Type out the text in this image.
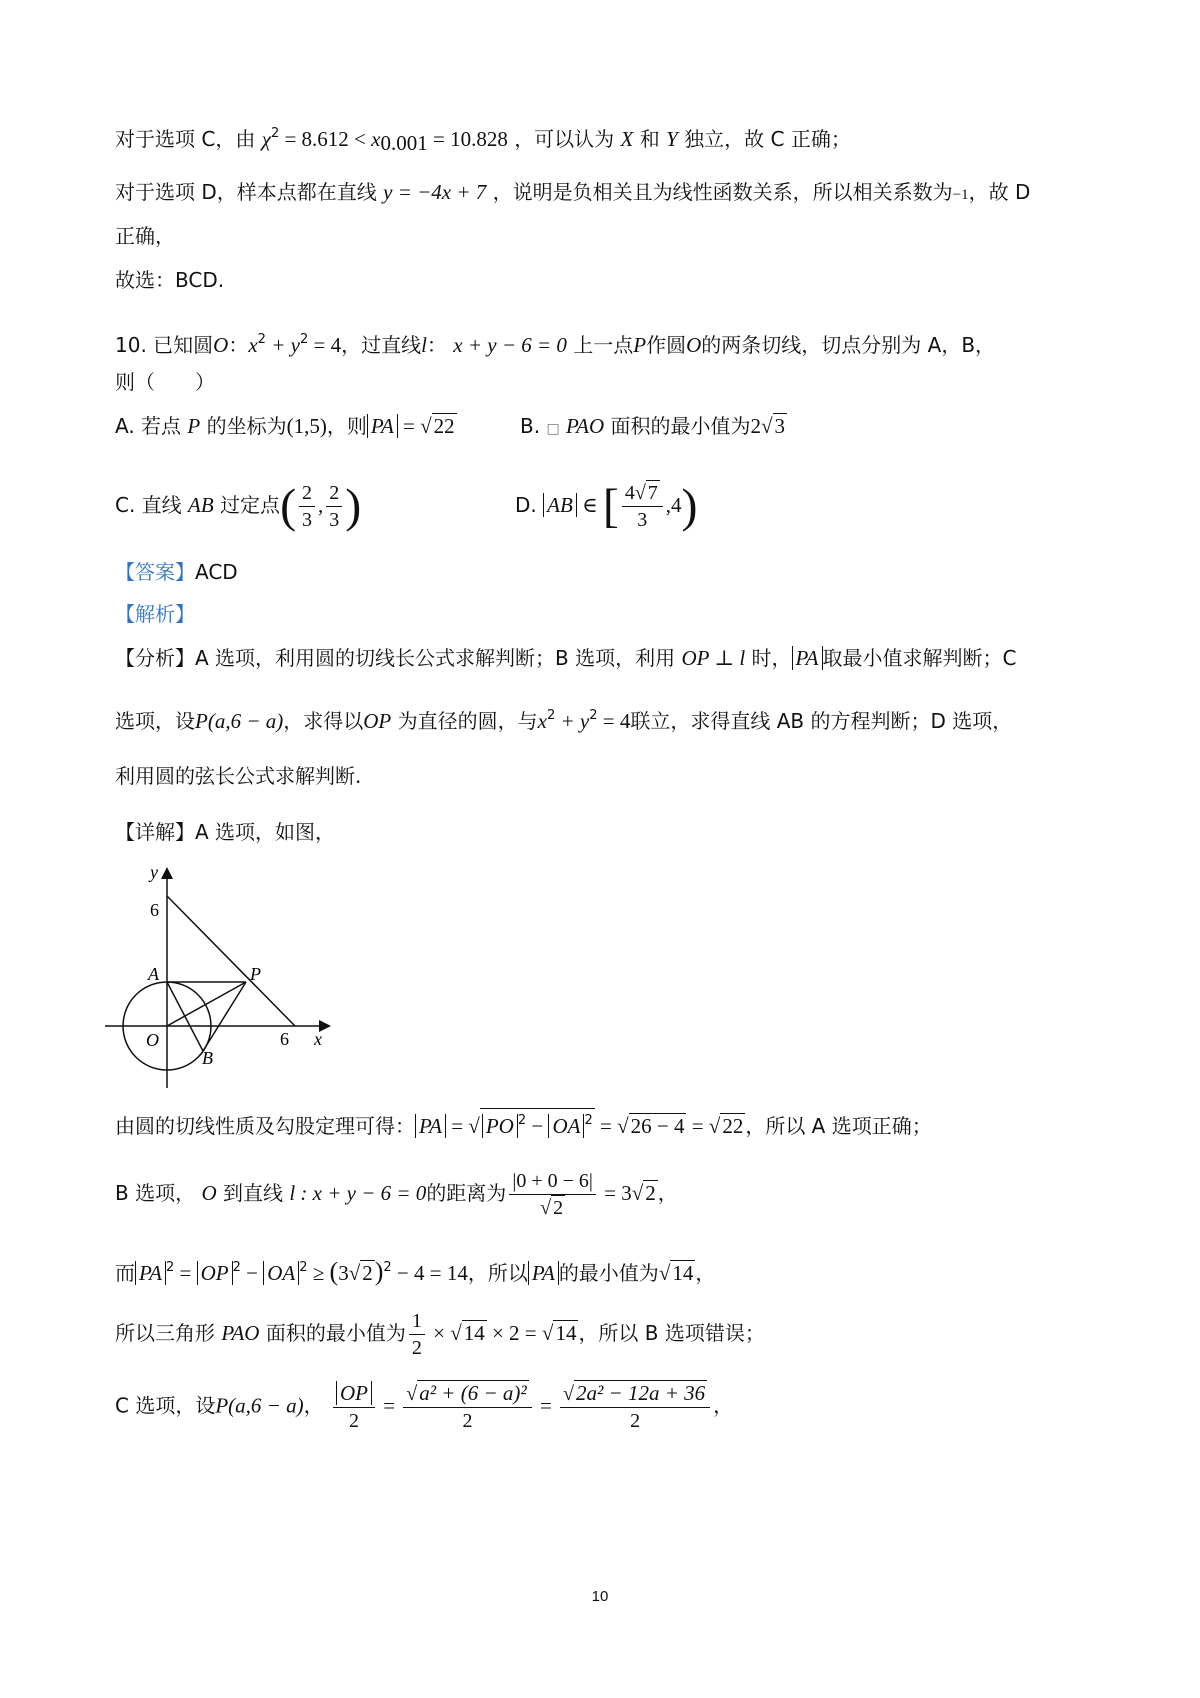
对于选项 C，由 $\chi^2 = 8.612 < x_{0.001} = 10.828$ ，可以认为 X 和 Y 独立，故 C 正确；
对于选项 D，样本点都在直线 y = −4x + 7 ，说明是负相关且为线性函数关系，所以相关系数为−1，故 D
正确，
故选：BCD.
10. 已知圆O：$x^2 + y^2 = 4$，过直线l： x + y − 6 = 0 上一点P作圆O的两条切线，切点分别为 A，B，
则（　　）
A. 若点 P 的坐标为(1,5)，则 PA = √22	B. □ PAO 面积的最小值为2√3
C. 直线 AB 过定点( $\frac{2}{3}$ , $\frac{2}{3}$ )	D. AB ∈ [ $\frac{4√ 7}{3} ,4$)
【答案】ACD
【解析】
【分析】A 选项，利用圆的切线长公式求解判断；B 选项，利用 OP ⊥ l 时， PA 取最小值求解判断；C
选项，设P(a,6 − a)，求得以OP 为直径的圆，与$x^2 + y^2 = 4$联立，求得直线 AB 的方程判断；D 选项，
利用圆的弦长公式求解判断.
【详解】A 选项，如图，
y
x
6
6
A	P
O
B
由圆的切线性质及勾股定理可得： PA = √ PO $^2$ − OA $^2$ = √26 − 4 = √22 ，所以 A 选项正确；
B 选项， O 到直线 l : x + y − 6 = 0的距离为 $\frac{|0 + 0 - 6|}{√ 2} = 3√2$ ，
而 PA $^2$ = OP $^2$ − OA $^2 \ge (3√2)^2 - 4 = 14$，所以 PA 的最小值为√14 ，
所以三角形 PAO 面积的最小值为 $\frac{1}{2} \times √14 \times 2 = √14$ ，所以 B 选项错误；
C 选项，设P(a,6 − a)， $\frac{OP}{2} = \frac{\text{√a² + (6 − a)²}}{2} = \frac{\text{√2a² − 12a + 36}}{2}$ ，
10
